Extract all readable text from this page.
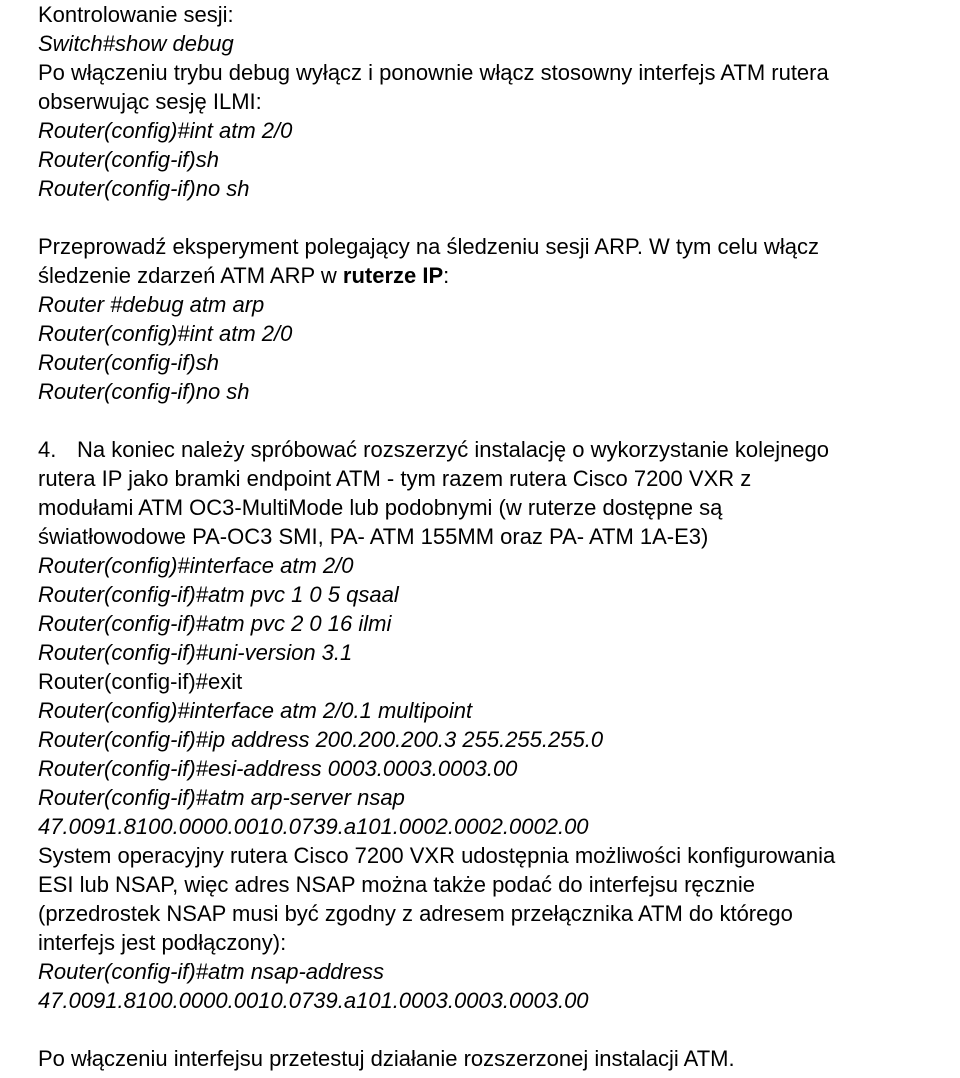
Kontrolowanie sesji:
Switch#show debug
Po włączeniu trybu debug wyłącz i ponownie włącz stosowny interfejs ATM rutera
obserwując sesję ILMI:
Router(config)#int atm 2/0
Router(config-if)sh
Router(config-if)no sh
Przeprowadź eksperyment polegający na śledzeniu sesji ARP. W tym celu włącz
śledzenie zdarzeń ATM ARP w ruterze IP:
Router #debug atm arp
Router(config)#int atm 2/0
Router(config-if)sh
Router(config-if)no sh
4. Na koniec należy spróbować rozszerzyć instalację o wykorzystanie kolejnego
rutera IP jako bramki endpoint ATM - tym razem rutera Cisco 7200 VXR z
modułami ATM OC3-MultiMode lub podobnymi (w ruterze dostępne są
światłowodowe PA-OC3 SMI, PA- ATM 155MM oraz PA- ATM 1A-E3)
Router(config)#interface atm 2/0
Router(config-if)#atm pvc 1 0 5 qsaal
Router(config-if)#atm pvc 2 0 16 ilmi
Router(config-if)#uni-version 3.1
Router(config-if)#exit
Router(config)#interface atm 2/0.1 multipoint
Router(config-if)#ip address 200.200.200.3 255.255.255.0
Router(config-if)#esi-address 0003.0003.0003.00
Router(config-if)#atm arp-server nsap
47.0091.8100.0000.0010.0739.a101.0002.0002.0002.00
System operacyjny rutera Cisco 7200 VXR udostępnia możliwości konfigurowania
ESI lub NSAP, więc adres NSAP można także podać do interfejsu ręcznie
(przedrostek NSAP musi być zgodny z adresem przełącznika ATM do którego
interfejs jest podłączony):
Router(config-if)#atm nsap-address
47.0091.8100.0000.0010.0739.a101.0003.0003.0003.00
Po włączeniu interfejsu przetestuj działanie rozszerzonej instalacji ATM.
